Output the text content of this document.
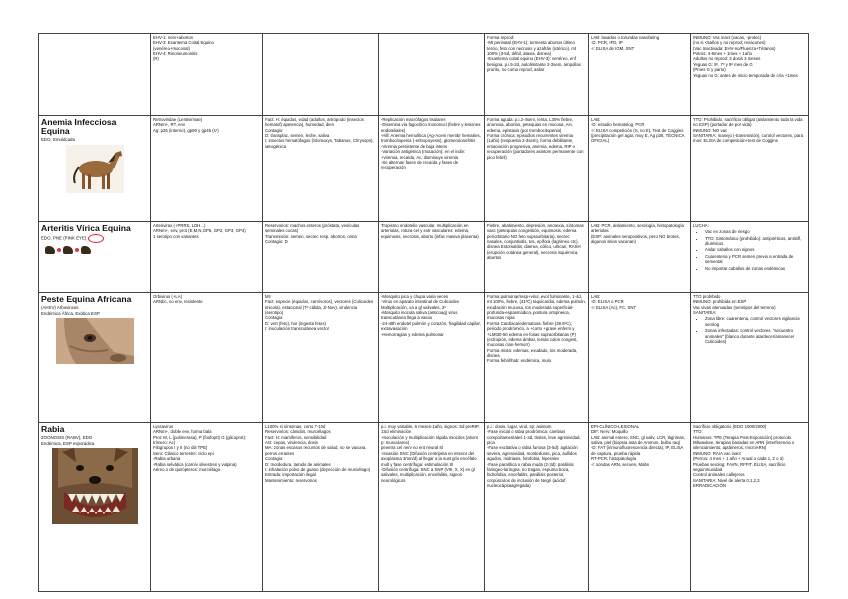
EHV-1: nerv+abortos
EHV-3: Exantema Coital Equino
(venéreo+mocosal)
EHV-4: Rinoneumonitis
(R)

Forma reprod:
-Mt perinatal (EHV-1): tormenta abortos último tercio, feto con necrosis y azafrán (ictérico), mt 100% (3-5d, débil, ataxia, disnea)
-Exantema coital equino (EHV-3): venéreo, enf benigna, p.i.5-2d, autolimitante 2-3sem, ampollas prurito, no como reprod, asilar

LAB: lavados o torundas nasofaring
-D: PCR, IFD, IP
-I: ELISA de IGM, SNT

INMUNO: Vac inact (vacas, -protec)
(no si <5años y no reprod; revacunes)
(Vac Inactivada: EHV-no/Fluenza+Tétanos)
Potros: 4-6mes + 1mes + 1año
Adultos no reprod: 3 dosis 3 meses
Yeguas G: 5º, 7º y 9º mes de G
(Pmes G y parto)
Yeguas no G: antes de inicio temporada de cría +1mes

Anemia Infecciosa
Equina

EDO, Emuldcada

Retroviridae (Lentivirinae)
ARNm+, RT, env
Ag: p26 (interno), gp90 y gp45 (s¹)

Fact: H: équidos, edad (adultos, artrópodo (insectos hematof) apetencia), humedad, dien
Contagio:
D: transplac, semen, leche, saliva
I: insectos hematófagos (Stomoxys, Tabanus, Chrysops), iatrogénica

-Replicación macrófagos tisulares
-Disemina vía fagocítico mononucl (fiebre y lesiones endoteliales)
-Hill: Anemia hemolítica (Ag-Acem membr hematíes, trombocitopenia (-eritropoyesis), glomerulonefritis
-Viremia persistente de baja intens
-Variación antigénica (mutación): en el indiv: +viremia, recaída, Ac, disminuye viremia
-Se alternan fases de recaída y fases de recuperación

Forma aguda: p.i.2-4sem, lenta, L30% fiebre, anorexia, abortos, petequias en mucosa, AH, edema, epistaxis (por trombocitopenia)
Forma crónica: episodios recurrentes viremia (1año) (respuesta 2-3sem), forma debilitante, emaciación progresiva, anemia, edema, RIP o recuperación (portadores asintom permanente con pico febril)

LAB:
-D: estudio hematolog, PCR
-I: ELISA competición (S, no E), Test de Coggins (precipitación gel agar, muy E, Ag p26, TÉCNICA OFICIAL)

TTO: Prohibido, sacrificio obligat (aislamiento toda la vida no ESP) (portador de por vida)
INMUNO: NO vac
SANITARIA: manejo (-transmisión), control vectores, para mov: ELISA de competición+test de Coggins

Arteritis Vírica Equina

EDO, PNE (PINK EYE)

Arteriviras (+PRRS, LDH...)
ARNm+, env, prot (E,M,N,GP5, GP2, GP3, GP4)
1 serotipo con variantes

Reservorios: machos enteros (próstata, vesículas seminales cocas)
Transmisión: semen, secrec resp, abortos, orina
Contagio: D

Tropismo endotelio vascular, multiplicación en arteriolas, rotura cel y extr vasculares: edema, equimosis, necrosis, aborto (infac masiva placenta)

Fiebre, abatimiento, depresión, anorexia, síntomas vasc (petequias congestión, equimosis, edema periorbitario NO feto supraorbitaria), secrec nasales, conjuntivitis, tos, epífora (lagrimeo ctc), disnea Estomatitis, diarrea, cólico, urticari, RASH (erupción cutánea general), necrosis isquémica, abortos

LAB: PCR, aislamiento, serología, histopatología arteriolas
(ESP: animales seropositivos, pero NO brotes, algunos sitios vacunan)

LUCHA:

• Vac en zonas de riesgo
• TTO: Sintomático (prohibido): antipiréticos, antiinfl, diuréticos
• Aislar caballos con signos
• Cuarentena y PCR semen previo a entrada de semental
• No importar caballos de zonas endémicas

Peste Equina Africana

(AHSV) Arbovirosis
Endémica África, Exótica ESP

Orbivirus (+LA)
ARNbc, no env, resistente

Mt↑
Fact: especie (équidos, carnívoros), vectores (Culicoides imicola), estacional (Tº cálida, Jl-Nov), virulencia (serotipo)
Contagio:
D: vert (feto), hor (ingesta fetos)
I: inoculación transcutánea vector

-Mosquito pica y chupa varia veces
-Virus en aparato intestinal de Culicoides
Multiplicación, va a gl salivales, 2º
-Mosquito inocula saliva (anticoag) virus transcutánea llega a vasos
-24-48h endotel pulmón y corazón, fragilidad capilar, extravasación
-Hemorragias y edema pulmonar

Forma pulmonar/resp+virul, evol fulminante, 1-4d, mt 100%, fiebre, (41ºC) taquicardia, edema pulmón, exudación mucosa, tos moderada superficial-profunda-espasmódica, postura ortopneica, mucosas rojas
Forma Cardíaca/edematosa: fiebre (39.5ºC), periodo prodrómico, a +corto +grave enferm y +LMt30-50 edema en fosas supraorbitarias (P) (ectropión, edema ámbar, tenias colon congest, mucosas cian-hemorr)
Forma mixta: edemas, exudado, tos moderada, disnea
Forma febril/hab: endémica, mulo

LAB:
-D: ELISA o PCR
-I: ELISA (Ac), FC, SNT

TTO prohibido
INMUNO: prohibida en ESP
Vac vivas atenuadas (serotipos del terreno)
SANITARIA:

• Zona libre: cuarentena, control vectores vigilancia serolog
• Zonas infectadas: control vectores, "secuestro animales" (blanco durante atardecer/amanecer Culicoides)

Rabia

ZOONOSIS (RABV), EDO
Endémica, ESP esporádica

Lyssavirus
ARNm+, doble env, forma bala
Prot: M, L (polimerasa), P (fosfoprt) G (glicoprot): trímero: Ac)
Filogrupos I y II (no útil TPE)
Sero: Clásico terrestre: ciclo epi
-Rabia urbana
-Rabia selvática (carnív silvestres y vulpina)
Aéreo o de quirópteros: murciélago

L100% si síntomas, corto 7-10d
Reservorios: cánidos, murciélagos
Fact: H: mamíferos, sensibilidad
AG: cepas, virulencia, dosis
MA: zonas escasos recursos de salud, no se vacuna, perros errantes
Contagio:
D: mordedura, lamido de animales
I: inhalación polvo de guano (deyección de murciélago)
Entrada: importación ilegal
Mantenimiento: reservorios

p.i. muy variable, 6 meses-1año, signos: Sd preRIP, 1Sd eliminación
-Inoculación y multiplicación rápida miocitos (ahorn p: musculares)
penetra cel nerv no ent neural Sl
-Invasión SNC (Difusión centripeta en interior del axoplasma 3mm/d) al llegar a la sust gris encéfalo mult y fase centrífuga: estimulación Sl
-Difusión centrífuga: SNC a SNP (VIII, X, X) en gl salivales, multiplicación, encefalitis, signos neurológicos

p.i.: dosis, lugar, virul, sp: asintom
-Fase inicial o rabia prodrómica: cambios comportamentales 1-3d, tristes, leve agresividad, pica
-Fase excitativa o rabia furiosa (3-5d): agitación severa, agresividad, mordeduras, pica, aullidos agudos, midriasis, fotofobia, hiperalex
-Fase paralítica o rabia muda (2-3d): parálisis faringeo-laríngea, no tragan, espuma boca, hidrofobia, encefalitis, parálisis posterior, corpúsculos de inclusión de Negri (acidof, nucleocápsaagregada)

EPI-CLÍNICO-LESIONAL
DIF: Nerv: Moquillo
LAB: animal entero, SNC, gl saliv, LCR, lágrimas, saliva, piel (biopsia asta de Ammon, bulbo raq)
-D: FAT (inmunofluorescencia directa), IP, ELISA de captura, prueba rápida
RT-PCR, histopatología
-I: sondas ARN, secuen, Mabs

Sacrificio obligatorio (EDO 1000/2000)
TTO:
Humanos: TPE (Terapia Post-Exposición) protocolo Milwaukee, terapias basadas en ARN (interferencia o silenciamiento, aptámeros, microARN)
INMUNO: RAIA vac inact
(Perros: 4 mes + 1 año + Anual o cada 1, 2 o 3)
Pruebas serolog: FAVN, RFFIT, ELISA, sacrificio seguinmunidad
Control animales callejeros
SANITARIA: Nivel de alerta 0,1,2,3
ERRADICACIÓN
